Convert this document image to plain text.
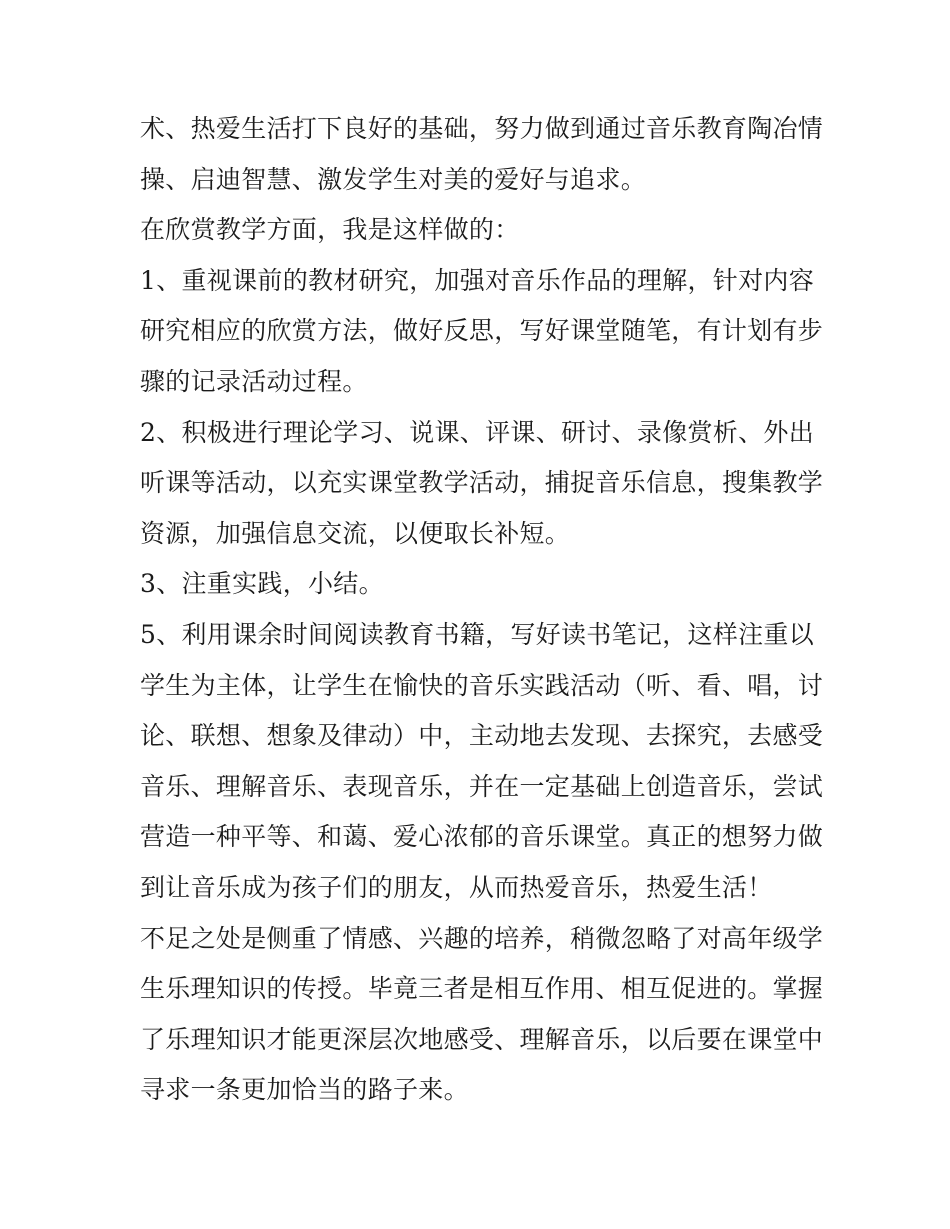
术、热爱生活打下良好的基础，努力做到通过音乐教育陶冶情
操、启迪智慧、激发学生对美的爱好与追求。
在欣赏教学方面，我是这样做的：
1、重视课前的教材研究，加强对音乐作品的理解，针对内容
研究相应的欣赏方法，做好反思，写好课堂随笔，有计划有步
骤的记录活动过程。
2、积极进行理论学习、说课、评课、研讨、录像赏析、外出
听课等活动，以充实课堂教学活动，捕捉音乐信息，搜集教学
资源，加强信息交流，以便取长补短。
3、注重实践，小结。
5、利用课余时间阅读教育书籍，写好读书笔记，这样注重以
学生为主体，让学生在愉快的音乐实践活动（听、看、唱，讨
论、联想、想象及律动）中，主动地去发现、去探究，去感受
音乐、理解音乐、表现音乐，并在一定基础上创造音乐，尝试
营造一种平等、和蔼、爱心浓郁的音乐课堂。真正的想努力做
到让音乐成为孩子们的朋友，从而热爱音乐，热爱生活！
不足之处是侧重了情感、兴趣的培养，稍微忽略了对高年级学
生乐理知识的传授。毕竟三者是相互作用、相互促进的。掌握
了乐理知识才能更深层次地感受、理解音乐，以后要在课堂中
寻求一条更加恰当的路子来。
